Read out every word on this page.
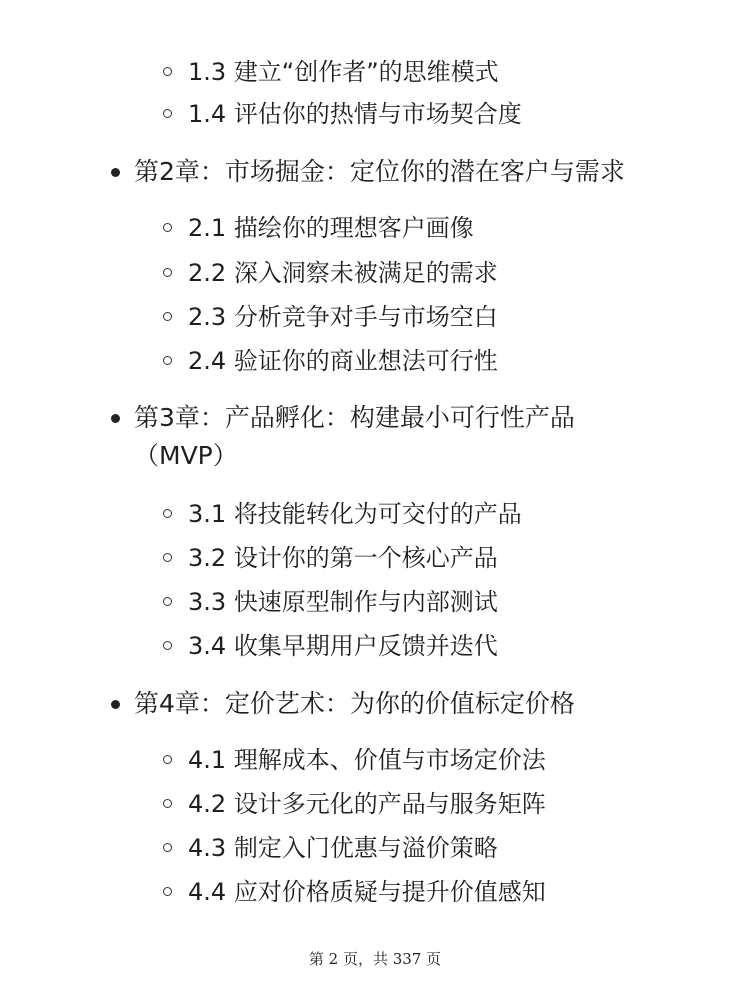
1.3 建立“创作者”的思维模式
1.4 评估你的热情与市场契合度
第2章：市场掘金：定位你的潜在客户与需求
2.1 描绘你的理想客户画像
2.2 深入洞察未被满足的需求
2.3 分析竞争对手与市场空白
2.4 验证你的商业想法可行性
第3章：产品孵化：构建最小可行性产品
（MVP）
3.1 将技能转化为可交付的产品
3.2 设计你的第一个核心产品
3.3 快速原型制作与内部测试
3.4 收集早期用户反馈并迭代
第4章：定价艺术：为你的价值标定价格
4.1 理解成本、价值与市场定价法
4.2 设计多元化的产品与服务矩阵
4.3 制定入门优惠与溢价策略
4.4 应对价格质疑与提升价值感知
第 2 页，共 337 页
